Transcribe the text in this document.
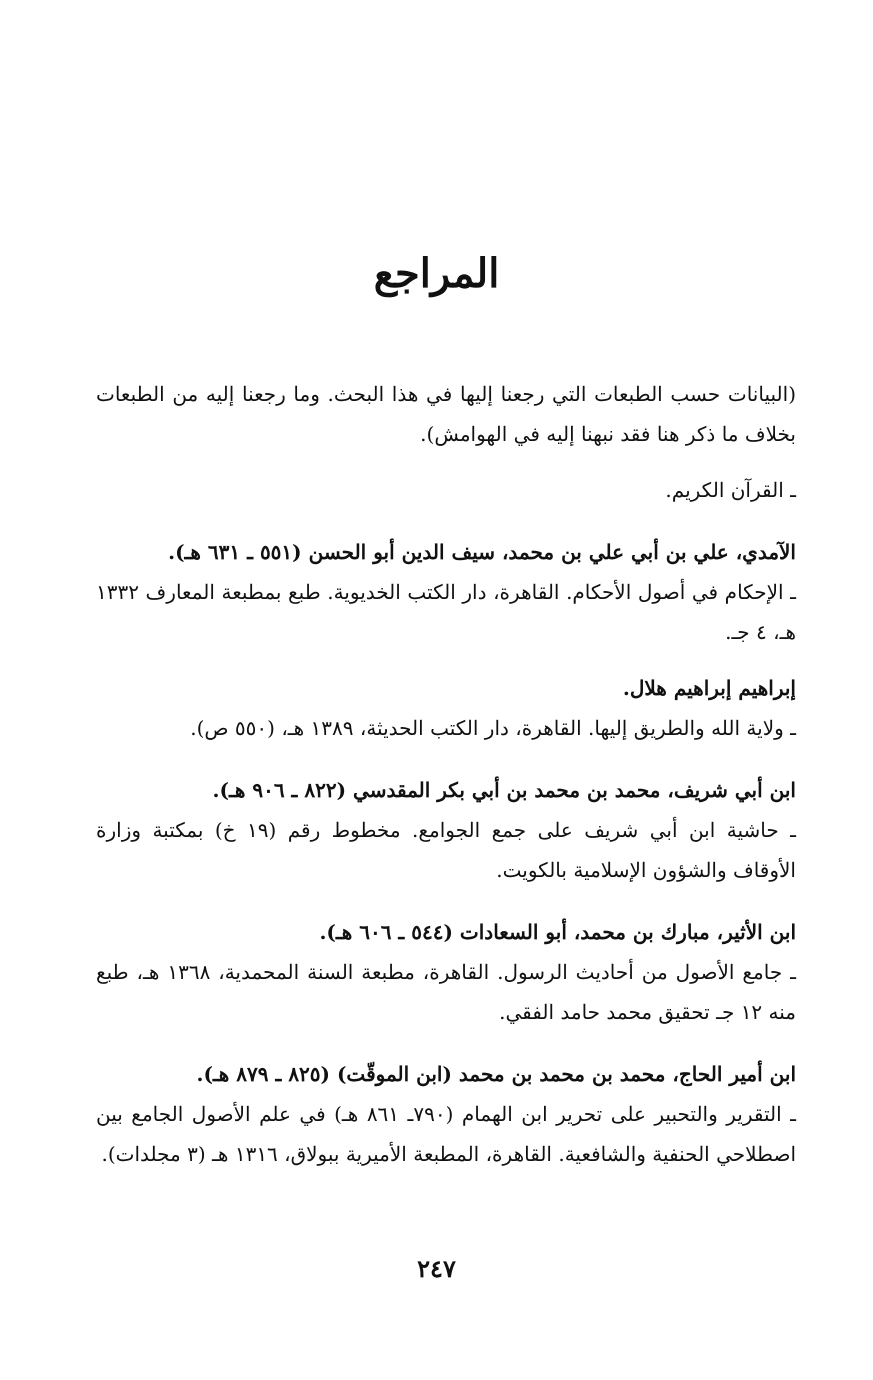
المراجع

(البيانات حسب الطبعات التي رجعنا إليها في هذا البحث. وما رجعنا إليه من الطبعات بخلاف ما ذكر هنا فقد نبهنا إليه في الهوامش).

ـ القرآن الكريم.

الآمدي، علي بن أبي علي بن محمد، سيف الدين أبو الحسن (٥٥١ ـ ٦٣١ هـ).

ـ الإحكام في أصول الأحكام. القاهرة، دار الكتب الخديوية. طبع بمطبعة المعارف ١٣٣٢ هـ، ٤ جـ.

إبراهيم إبراهيم هلال.

ـ ولاية الله والطريق إليها. القاهرة، دار الكتب الحديثة، ١٣٨٩ هـ، (٥٥٠ ص).

ابن أبي شريف، محمد بن محمد بن أبي بكر المقدسي (٨٢٢ ـ ٩٠٦ هـ).

ـ حاشية ابن أبي شريف على جمع الجوامع. مخطوط رقم (١٩ خ) بمكتبة وزارة الأوقاف والشؤون الإسلامية بالكويت.

ابن الأثير، مبارك بن محمد، أبو السعادات (٥٤٤ ـ ٦٠٦ هـ).

ـ جامع الأصول من أحاديث الرسول. القاهرة، مطبعة السنة المحمدية، ١٣٦٨ هـ، طبع منه ١٢ جـ تحقيق محمد حامد الفقي.

ابن أمير الحاج، محمد بن محمد بن محمد (ابن الموقّت) (٨٢٥ ـ ٨٧٩ هـ).

ـ التقرير والتحبير على تحرير ابن الهمام (٧٩٠ـ ٨٦١ هـ) في علم الأصول الجامع بين اصطلاحي الحنفية والشافعية. القاهرة، المطبعة الأميرية ببولاق، ١٣١٦ هـ (٣ مجلدات).

٢٤٧
